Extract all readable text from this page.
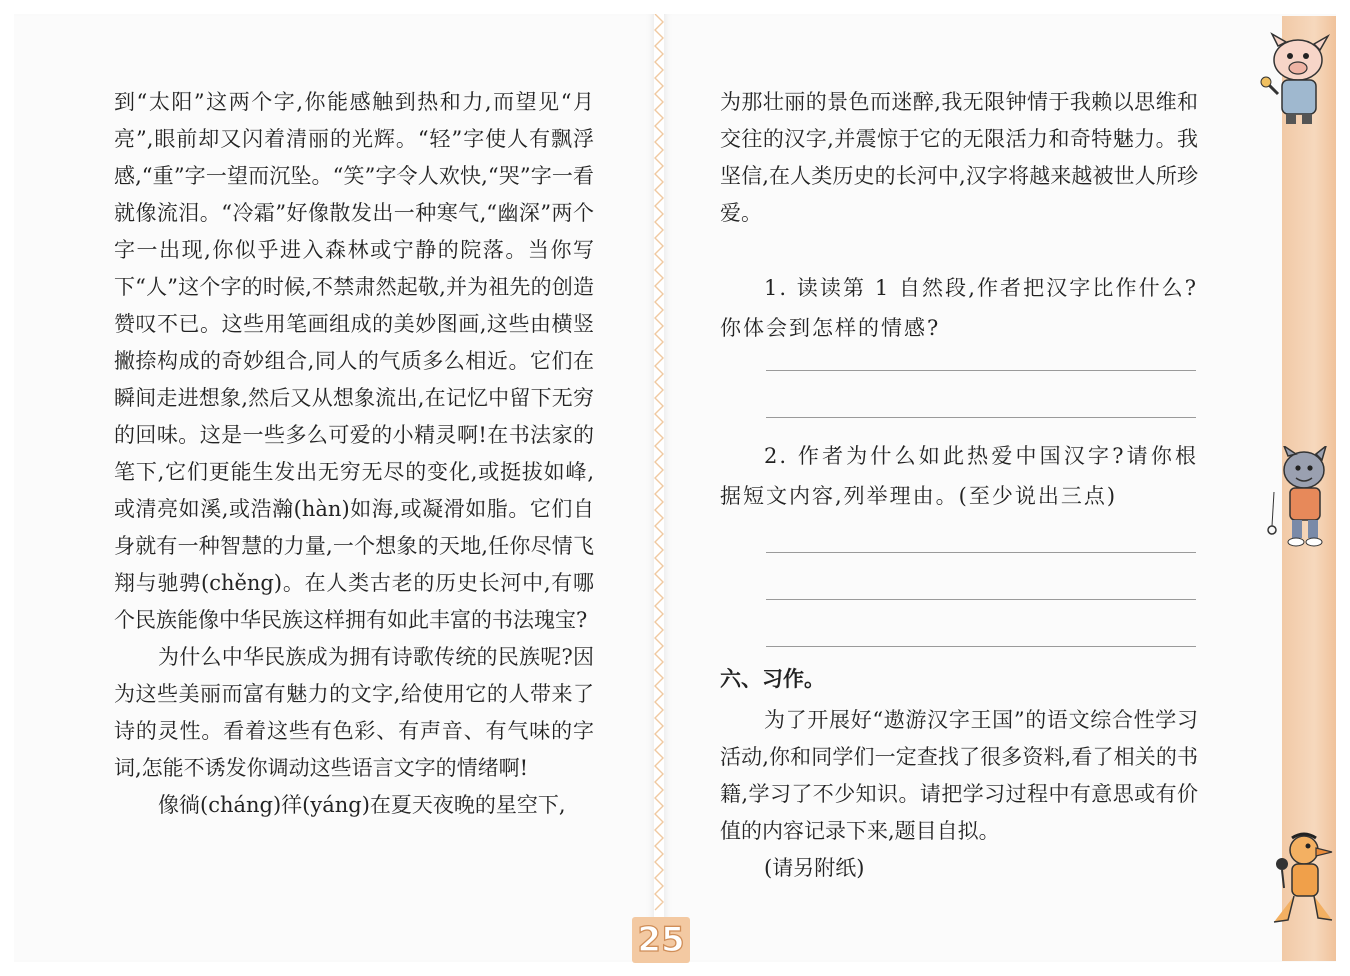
到“太阳”这两个字,你能感触到热和力,而望见“月亮”,眼前却又闪着清丽的光辉。“轻”字使人有飘浮感,“重”字一望而沉坠。“笑”字令人欢快,“哭”字一看就像流泪。“冷霜”好像散发出一种寒气,“幽深”两个字一出现,你似乎进入森林或宁静的院落。当你写下“人”这个字的时候,不禁肃然起敬,并为祖先的创造赞叹不已。这些用笔画组成的美妙图画,这些由横竖撇捺构成的奇妙组合,同人的气质多么相近。它们在瞬间走进想象,然后又从想象流出,在记忆中留下无穷的回味。这是一些多么可爱的小精灵啊!在书法家的笔下,它们更能生发出无穷无尽的变化,或挺拔如峰,或清亮如溪,或浩瀚(hàn)如海,或凝滑如脂。它们自身就有一种智慧的力量,一个想象的天地,任你尽情飞翔与驰骋(chěng)。在人类古老的历史长河中,有哪个民族能像中华民族这样拥有如此丰富的书法瑰宝?

为什么中华民族成为拥有诗歌传统的民族呢?因为这些美丽而富有魅力的文字,给使用它的人带来了诗的灵性。看着这些有色彩、有声音、有气味的字词,怎能不诱发你调动这些语言文字的情绪啊!

像徜(cháng)徉(yáng)在夏天夜晚的星空下,

为那壮丽的景色而迷醉,我无限钟情于我赖以思维和交往的汉字,并震惊于它的无限活力和奇特魅力。我坚信,在人类历史的长河中,汉字将越来越被世人所珍爱。

1. 读读第 1 自然段,作者把汉字比作什么?你体会到怎样的情感?

2. 作者为什么如此热爱中国汉字?请你根据短文内容,列举理由。(至少说出三点)

六、习作。

为了开展好“遨游汉字王国”的语文综合性学习活动,你和同学们一定查找了很多资料,看了相关的书籍,学习了不少知识。请把学习过程中有意思或有价值的内容记录下来,题目自拟。

(请另附纸)

25
